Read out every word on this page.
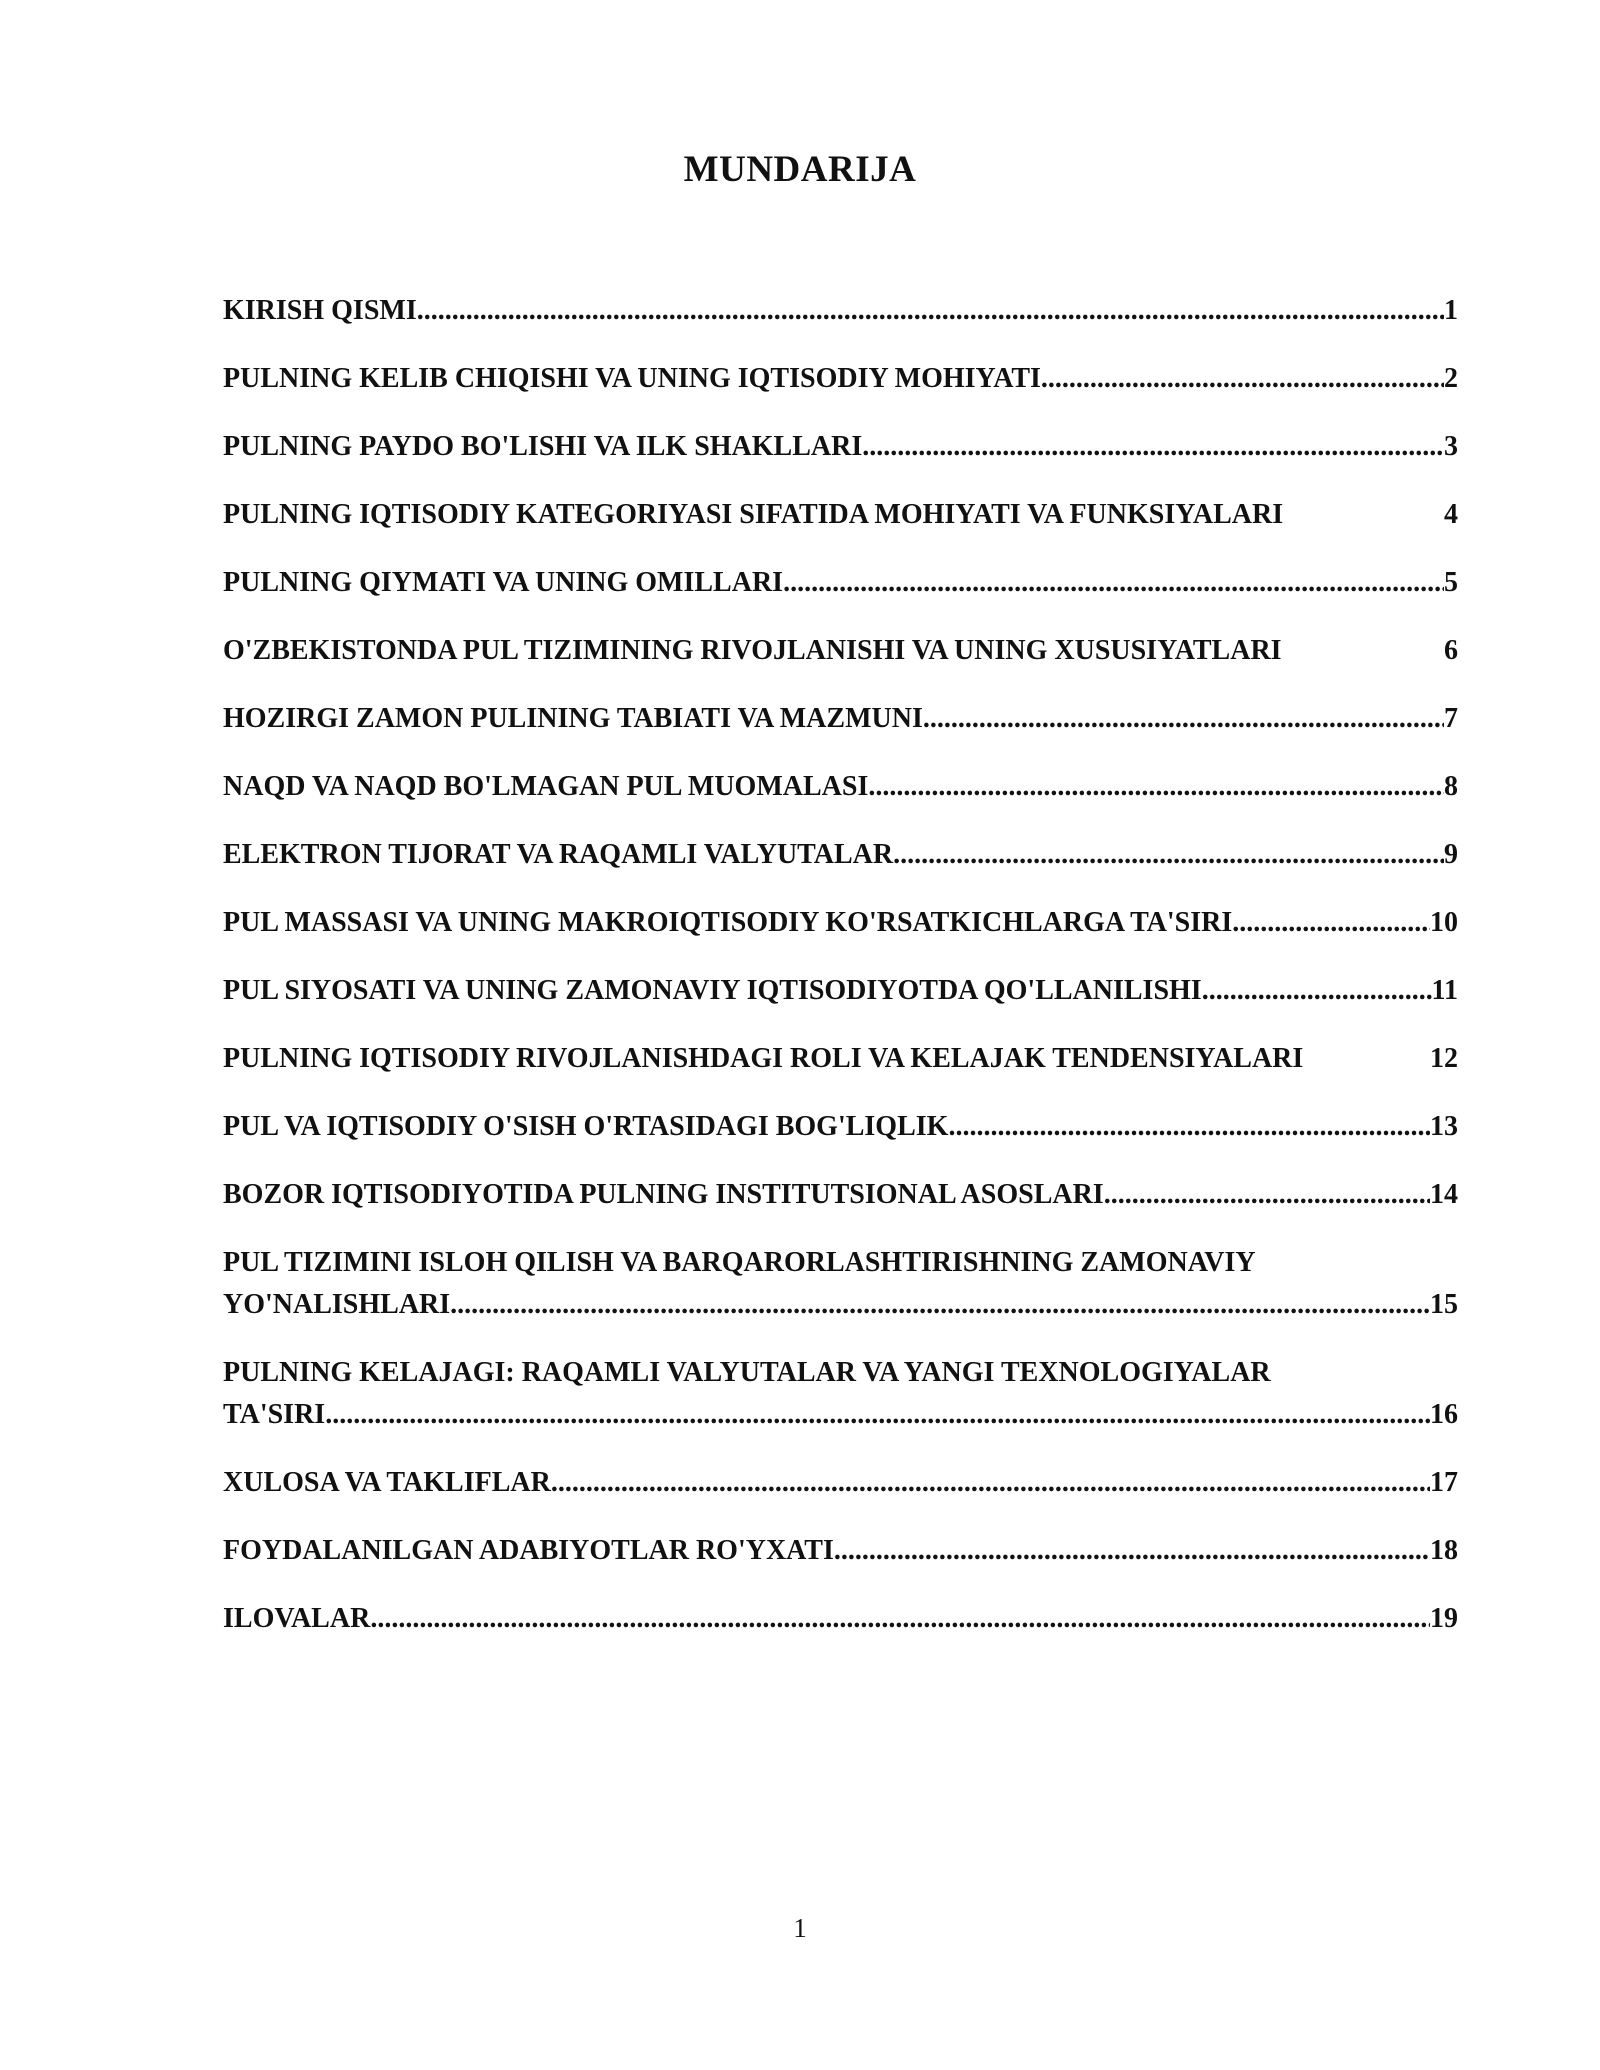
MUNDARIJA
KIRISH QISMI .....	1
PULNING KELIB CHIQISHI VA UNING IQTISODIY MOHIYATI .....	2
PULNING PAYDO BO'LISHI VA ILK SHAKLLARI .....	3
PULNING IQTISODIY KATEGORIYASI SIFATIDA MOHIYATI VA FUNKSIYALARI	4
PULNING QIYMATI VA UNING OMILLARI .....	5
O'ZBEKISTONDA PUL TIZIMINING RIVOJLANISHI VA UNING XUSUSIYATLARI	6
HOZIRGI ZAMON PULINING TABIATI VA MAZMUNI .....	7
NAQD VA NAQD BO'LMAGAN PUL MUOMALASI .....	8
ELEKTRON TIJORAT VA RAQAMLI VALYUTALAR .....	9
PUL MASSASI VA UNING MAKROIQTISODIY KO'RSATKICHLARGA TA'SIRI .....	10
PUL SIYOSATI VA UNING ZAMONAVIY IQTISODIYOTDA QO'LLANILISHI .....	11
PULNING IQTISODIY RIVOJLANISHDAGI ROLI VA KELAJAK TENDENSIYALARI	12
PUL VA IQTISODIY O'SISH O'RTASIDAGI BOG'LIQLIK .....	13
BOZOR IQTISODIYOTIDA PULNING INSTITUTSIONAL ASOSLARI .....	14
PUL TIZIMINI ISLOH QILISH VA BARQARORLASHTIRISHNING ZAMONAVIY
YO'NALISHLARI .....	15
PULNING KELAJAGI: RAQAMLI VALYUTALAR VA YANGI TEXNOLOGIYALAR
TA'SIRI .....	16
XULOSA VA TAKLIFLAR .....	17
FOYDALANILGAN ADABIYOTLAR RO'YXATI .....	18
ILOVALAR .....	19
1
